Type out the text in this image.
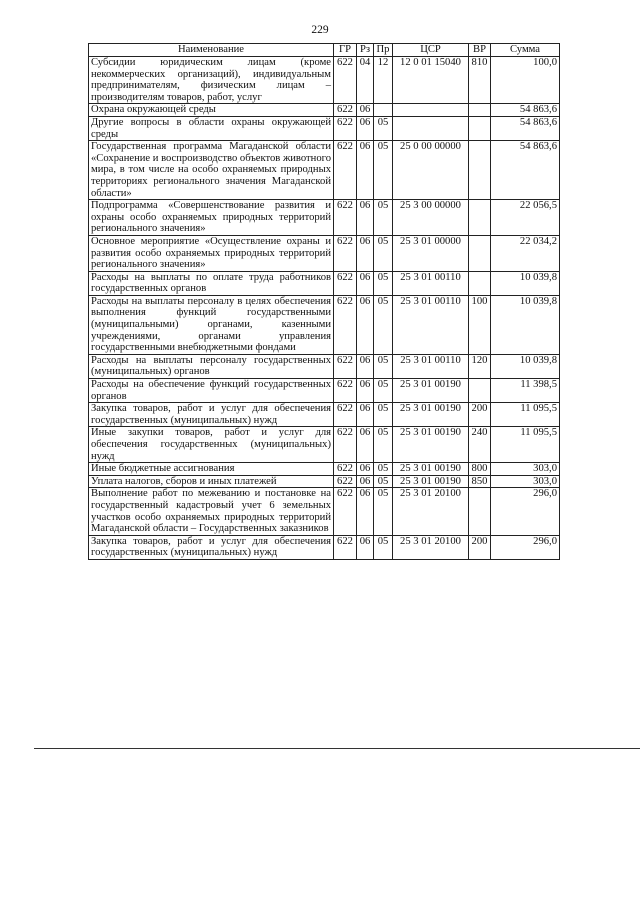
229
Наименование	ГР	Рз	Пр	ЦСР	ВР	Сумма
Субсидии юридическим лицам (кроме некоммерческих организаций), индивидуальным предпринимателям, физическим лицам – производителям товаров, работ, услуг	622	04	12	12 0 01 15040	810	100,0
Охрана окружающей среды	622	06				54 863,6
Другие вопросы в области охраны окружающей среды	622	06	05			54 863,6
Государственная программа Магаданской области «Сохранение и воспроизводство объектов животного мира, в том числе на особо охраняемых природных территориях регионального значения Магаданской области»	622	06	05	25 0 00 00000		54 863,6
Подпрограмма «Совершенствование развития и охраны особо охраняемых природных территорий регионального значения»	622	06	05	25 3 00 00000		22 056,5
Основное мероприятие «Осуществление охраны и развития особо охраняемых природных территорий регионального значения»	622	06	05	25 3 01 00000		22 034,2
Расходы на выплаты по оплате труда работников государственных органов	622	06	05	25 3 01 00110		10 039,8
Расходы на выплаты персоналу в целях обеспечения выполнения функций государственными (муниципальными) органами, казенными учреждениями, органами управления государственными внебюджетными фондами	622	06	05	25 3 01 00110	100	10 039,8
Расходы на выплаты персоналу государственных (муниципальных) органов	622	06	05	25 3 01 00110	120	10 039,8
Расходы на обеспечение функций государственных органов	622	06	05	25 3 01 00190		11 398,5
Закупка товаров, работ и услуг для обеспечения государственных (муниципальных) нужд	622	06	05	25 3 01 00190	200	11 095,5
Иные закупки товаров, работ и услуг для обеспечения государственных (муниципальных) нужд	622	06	05	25 3 01 00190	240	11 095,5
Иные бюджетные ассигнования	622	06	05	25 3 01 00190	800	303,0
Уплата налогов, сборов и иных платежей	622	06	05	25 3 01 00190	850	303,0
Выполнение работ по межеванию и постановке на государственный кадастровый учет 6 земельных участков особо охраняемых природных территорий Магаданской области – Государственных заказников	622	06	05	25 3 01 20100		296,0
Закупка товаров, работ и услуг для обеспечения государственных (муниципальных) нужд	622	06	05	25 3 01 20100	200	296,0
